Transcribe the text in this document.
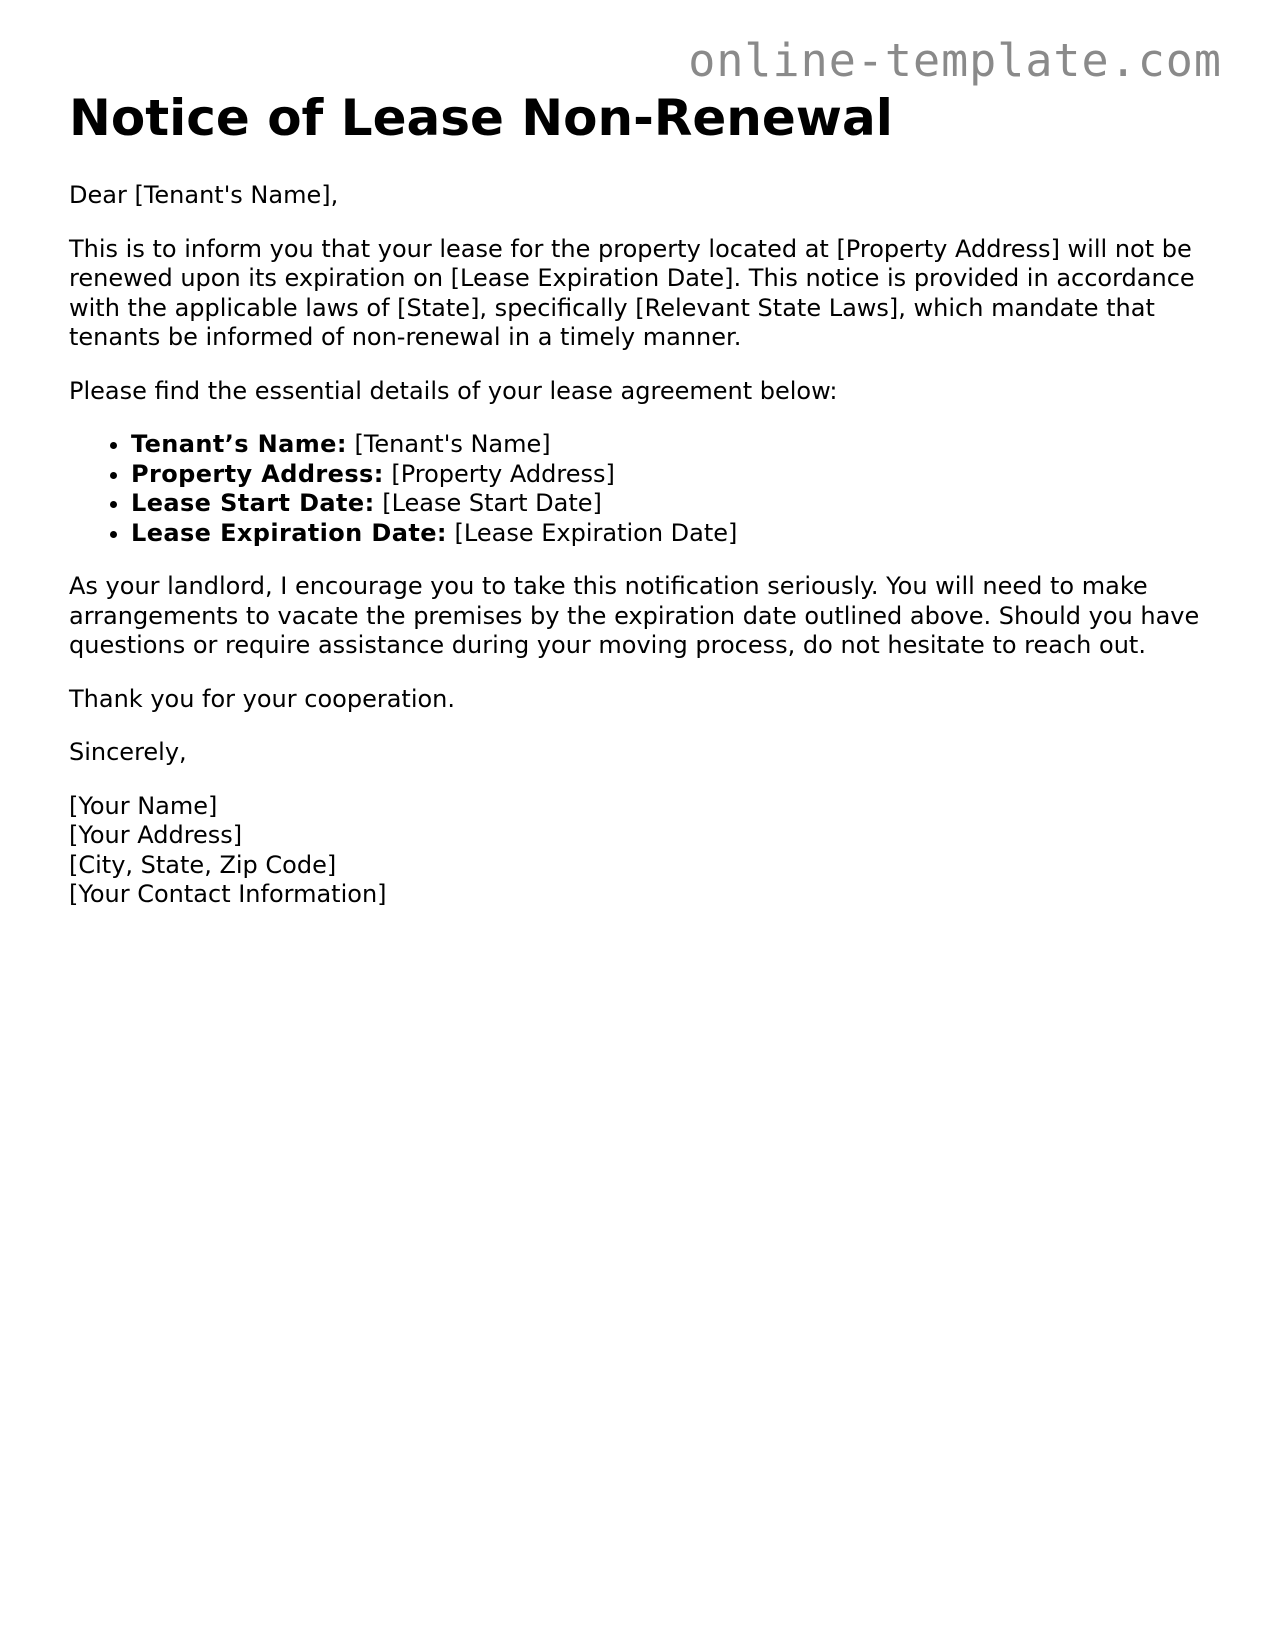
online-template.com
Notice of Lease Non-Renewal

Dear [Tenant's Name],

This is to inform you that your lease for the property located at [Property Address] will not be renewed upon its expiration on [Lease Expiration Date]. This notice is provided in accordance with the applicable laws of [State], specifically [Relevant State Laws], which mandate that tenants be informed of non-renewal in a timely manner.

Please find the essential details of your lease agreement below:

• Tenant’s Name: [Tenant's Name]
• Property Address: [Property Address]
• Lease Start Date: [Lease Start Date]
• Lease Expiration Date: [Lease Expiration Date]

As your landlord, I encourage you to take this notification seriously. You will need to make arrangements to vacate the premises by the expiration date outlined above. Should you have questions or require assistance during your moving process, do not hesitate to reach out.

Thank you for your cooperation.

Sincerely,

[Your Name]
[Your Address]
[City, State, Zip Code]
[Your Contact Information]
